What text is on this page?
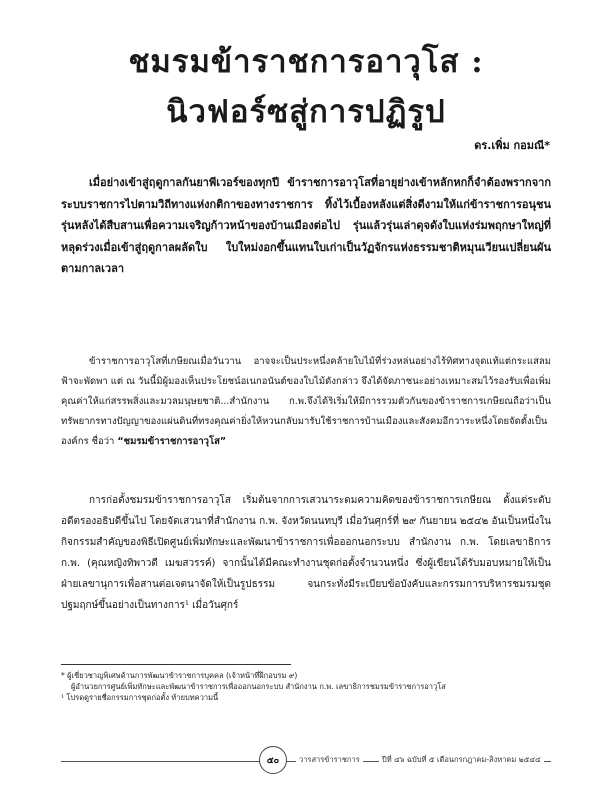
ชมรมข้าราชการอาวุโส :
นิวฟอร์ซสู่การปฏิรูป
ดร.เพิ่ม กอมณี*

เมื่อย่างเข้าสู่ฤดูกาลกันยาพีเวอร์ของทุกปี ข้าราชการอาวุโสที่อายุย่างเข้าหลักหกก็จำต้องพรากจากระบบราชการไปตามวิถีทางแห่งกติกาของทางราชการ ทิ้งไว้เบื้องหลังแต่สิ่งดีงามให้แก่ข้าราชการอนุชนรุ่นหลังได้สืบสานเพื่อความเจริญก้าวหน้าของบ้านเมืองต่อไป รุ่นแล้วรุ่นเล่าดุจดังใบแห่งร่มพฤกษาใหญ่ที่หลุดร่วงเมื่อเข้าสู่ฤดูกาลผลัดใบ ใบใหม่งอกขึ้นแทนใบเก่าเป็นวัฏจักรแห่งธรรมชาติหมุนเวียนเปลี่ยนผันตามกาลเวลา

ข้าราชการอาวุโสที่เกษียณเมื่อวันวาน อาจจะเป็นประหนึ่งคล้ายใบไม้ที่ร่วงหล่นอย่างไร้ทิศทางจุดแท้แต่กระแสลมฟ้าจะพัดพา แต่ ณ วันนี้มิผู้มองเห็นประโยชน์อเนกอนันต์ของใบไม้ดังกล่าว จึงได้จัดภาชนะอย่างเหมาะสมไว้รองรับเพื่อเพิ่มคุณค่าให้แก่สรรพสิ่งและมวลมนุษยชาติ...สำนักงาน ก.พ.จึงได้ริเริ่มให้มีการรวมตัวกันของข้าราชการเกษียณถือว่าเป็นทรัพยากรทางปัญญาของแผ่นดินที่ทรงคุณค่ายิ่งให้หวนกลับมารับใช้ราชการบ้านเมืองและสังคมอีกวาระหนึ่งโดยจัดตั้งเป็นองค์กร ชื่อว่า “ชมรมข้าราชการอาวุโส”

การก่อตั้งชมรมข้าราชการอาวุโส เริ่มต้นจากการเสวนาระดมความคิดของข้าราชการเกษียณ ตั้งแต่ระดับอดีตรองอธิบดีขึ้นไป โดยจัดเสวนาที่สำนักงาน ก.พ. จังหวัดนนทบุรี เมื่อวันศุกร์ที่ ๒๙ กันยายน ๒๕๔๒ อันเป็นหนึ่งในกิจกรรมสำคัญของพิธีเปิดศูนย์เพิ่มทักษะและพัฒนาข้าราชการเพื่อออกนอกระบบ สำนักงาน ก.พ. โดยเลขาธิการ ก.พ. (คุณหญิงทิพาวดี เมฆสวรรค์) จากนั้นได้มีคณะทำงานชุดก่อตั้งจำนวนหนึ่ง ซึ่งผู้เขียนได้รับมอบหมายให้เป็นฝ่ายเลขานุการเพื่อสานต่อเจตนาจัดให้เป็นรูปธรรม จนกระทั่งมีระเบียบข้อบังคับและกรรมการบริหารชมรมชุดปฐมฤกษ์ขึ้นอย่างเป็นทางการ¹ เมื่อวันศุกร์

* ผู้เชี่ยวชาญพิเศษด้านการพัฒนาข้าราชการบุคคล (เจ้าหน้าที่ฝึกอบรม ๙)
ผู้อำนวยการศูนย์เพิ่มทักษะและพัฒนาข้าราชการเพื่อออกนอกระบบ สำนักงาน ก.พ. เลขาธิการชมรมข้าราชการอาวุโส
¹ โปรดดูรายชื่อกรรมการชุดก่อตั้ง ท้ายบทความนี้
๕๐	วารสารข้าราชการ	ปีที่ ๔๖ ฉบับที่ ๕ เดือนกรกฎาคม-สิงหาคม ๒๕๔๔
